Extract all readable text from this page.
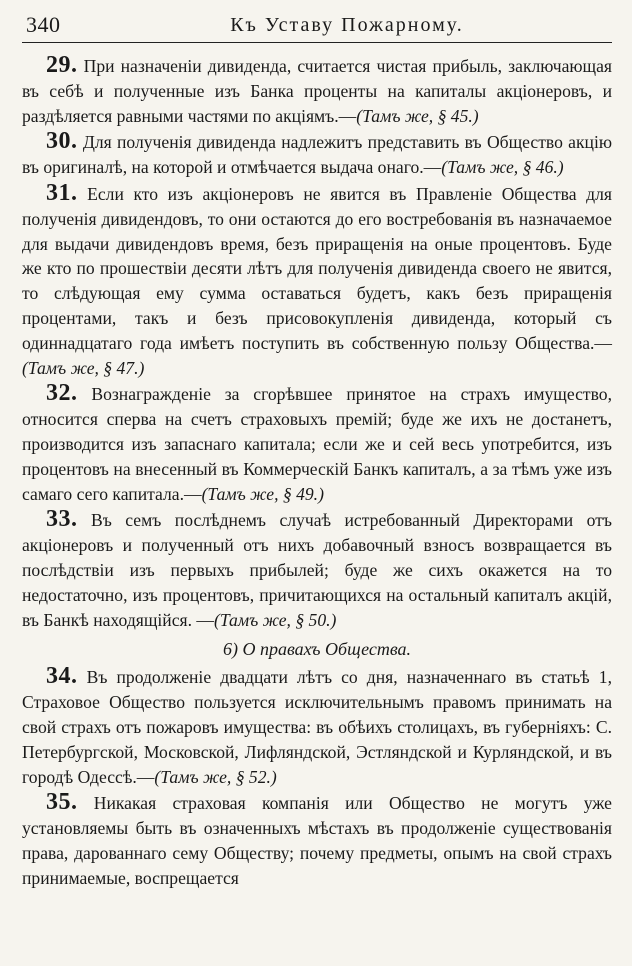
340	Къ Уставу Пожарному.

29. При назначеніи дивиденда, считается чистая прибыль, заключающая въ себѣ и полученные изъ Банка проценты на капиталы акціонеровъ, и раздѣляется равными частями по акціямъ.—(Тамъ же, § 45.)

30. Для полученія дивиденда надлежитъ представить въ Общество акцію въ оригиналѣ, на которой и отмѣчается выдача онаго.—(Тамъ же, § 46.)

31. Если кто изъ акціонеровъ не явится въ Правленіе Общества для полученія дивидендовъ, то они остаются до его востребованія въ назначаемое для выдачи дивидендовъ время, безъ приращенія на оные процентовъ. Буде же кто по прошествіи десяти лѣтъ для полученія дивиденда своего не явится, то слѣдующая ему сумма оставаться будетъ, какъ безъ приращенія процентами, такъ и безъ присовокупленія дивиденда, который съ одиннадцатаго года имѣетъ поступить въ собственную пользу Общества.—(Тамъ же, § 47.)

32. Вознагражденіе за сгорѣвшее принятое на страхъ имущество, относится сперва на счетъ страховыхъ премій; буде же ихъ не достанетъ, производится изъ запаснаго капитала; если же и сей весь употребится, изъ процентовъ на внесенный въ Коммерческій Банкъ капиталъ, а за тѣмъ уже изъ самаго сего капитала.—(Тамъ же, § 49.)

33. Въ семъ послѣднемъ случаѣ истребованный Директорами отъ акціонеровъ и полученный отъ нихъ добавочный взносъ возвращается въ послѣдствіи изъ первыхъ прибылей; буде же сихъ окажется на то недостаточно, изъ процентовъ, причитающихся на остальный капиталъ акцій, въ Банкѣ находящійся. —(Тамъ же, § 50.)

6) О правахъ Общества.

34. Въ продолженіе двадцати лѣтъ со дня, назначеннаго въ статьѣ 1, Страховое Общество пользуется исключительнымъ правомъ принимать на свой страхъ отъ пожаровъ имущества: въ обѣихъ столицахъ, въ губерніяхъ: С. Петербургской, Московской, Лифляндской, Эстляндской и Курляндской, и въ городѣ Одессѣ.—(Тамъ же, § 52.)

35. Никакая страховая компанія или Общество не могутъ уже установляемы быть въ означенныхъ мѣстахъ въ продолженіе существованія права, дарованнаго сему Обществу; почему предметы, опымъ на свой страхъ принимаемые, воспрещается
